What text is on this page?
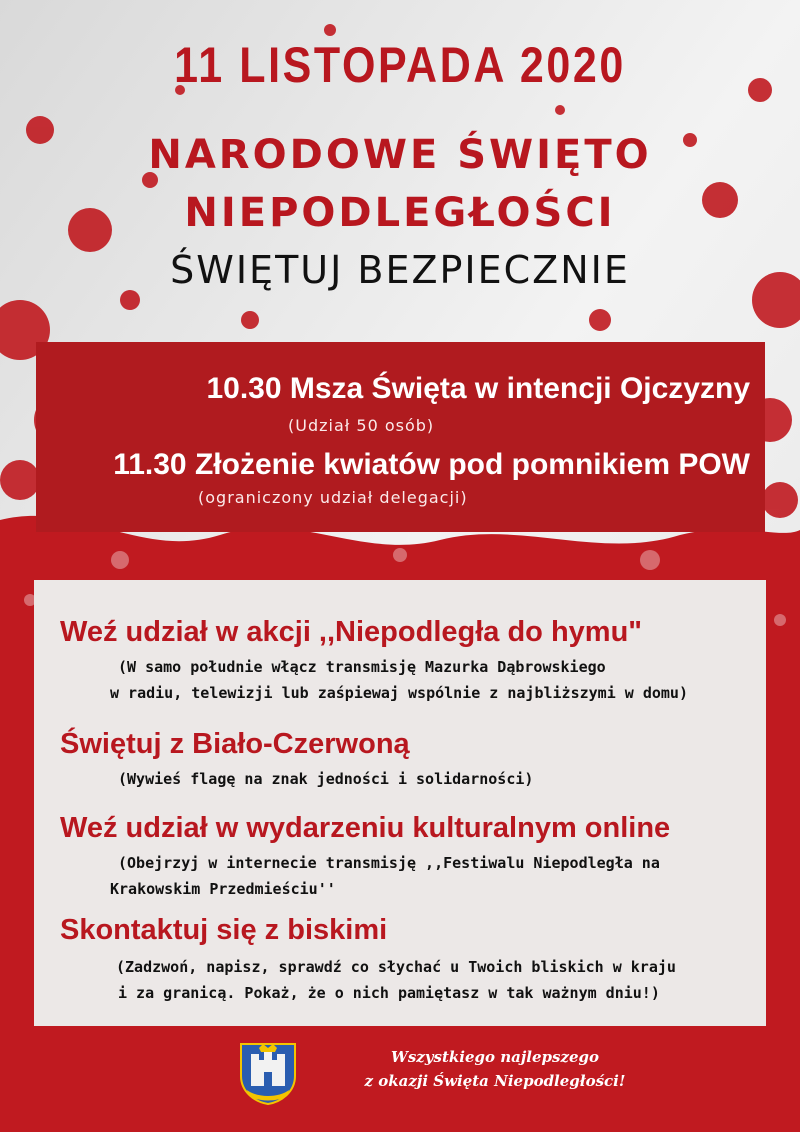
11 LISTOPADA 2020
NARODOWE ŚWIĘTO
NIEPODLEGŁOŚCI
ŚWIĘTUJ BEZPIECZNIE
10.30 Msza Święta w intencji Ojczyzny
(Udział 50 osób)
11.30 Złożenie kwiatów pod pomnikiem POW
(ograniczony udział delegacji)
Weź udział w akcji ,,Niepodległa do hymu"
(W samo południe włącz transmisję Mazurka Dąbrowskiego
w radiu, telewizji lub zaśpiewaj wspólnie z najbliższymi w domu)
Świętuj z Biało-Czerwoną
(Wywieś flagę na znak jedności i solidarności)
Weź udział w wydarzeniu kulturalnym online
(Obejrzyj w internecie transmisję ,,Festiwalu Niepodległa na
Krakowskim Przedmieściu''
Skontaktuj się z biskimi
(Zadzwoń, napisz, sprawdź co słychać u Twoich bliskich w kraju
i za granicą. Pokaż, że o nich pamiętasz w tak ważnym dniu!)
Wszystkiego najlepszego
z okazji Święta Niepodległości!
